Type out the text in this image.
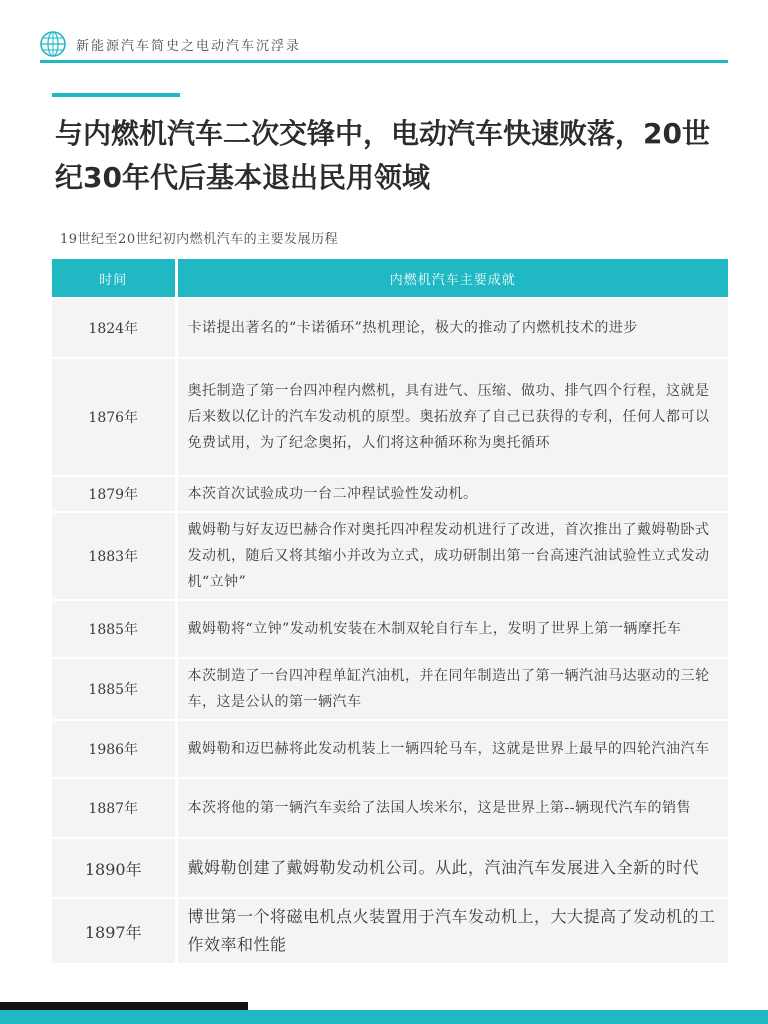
新能源汽车简史之电动汽车沉浮录
与内燃机汽车二次交锋中，电动汽车快速败落，20世纪30年代后基本退出民用领域
19世纪至20世纪初内燃机汽车的主要发展历程
时间	内燃机汽车主要成就
1824年	卡诺提出著名的“卡诺循环”热机理论，极大的推动了内燃机技术的进步
1876年	奥托制造了第一台四冲程内燃机，具有进气、压缩、做功、排气四个行程，这就是后来数以亿计的汽车发动机的原型。奥拓放弃了自己已获得的专利，任何人都可以免费试用，为了纪念奥拓，人们将这种循环称为奥托循环
1879年	本茨首次试验成功一台二冲程试验性发动机。
1883年	戴姆勒与好友迈巴赫合作对奥托四冲程发动机进行了改进，首次推出了戴姆勒卧式发动机，随后又将其缩小并改为立式，成功研制出第一台高速汽油试验性立式发动机“立钟”
1885年	戴姆勒将“立钟”发动机安装在木制双轮自行车上，发明了世界上第一辆摩托车
1885年	本茨制造了一台四冲程单缸汽油机，并在同年制造出了第一辆汽油马达驱动的三轮车，这是公认的第一辆汽车
1986年	戴姆勒和迈巴赫将此发动机装上一辆四轮马车，这就是世界上最早的四轮汽油汽车
1887年	本茨将他的第一辆汽车卖给了法国人埃米尔，这是世界上第--辆现代汽车的销售
1890年	戴姆勒创建了戴姆勒发动机公司。从此，汽油汽车发展进入全新的时代
1897年	博世第一个将磁电机点火装置用于汽车发动机上，大大提高了发动机的工作效率和性能
